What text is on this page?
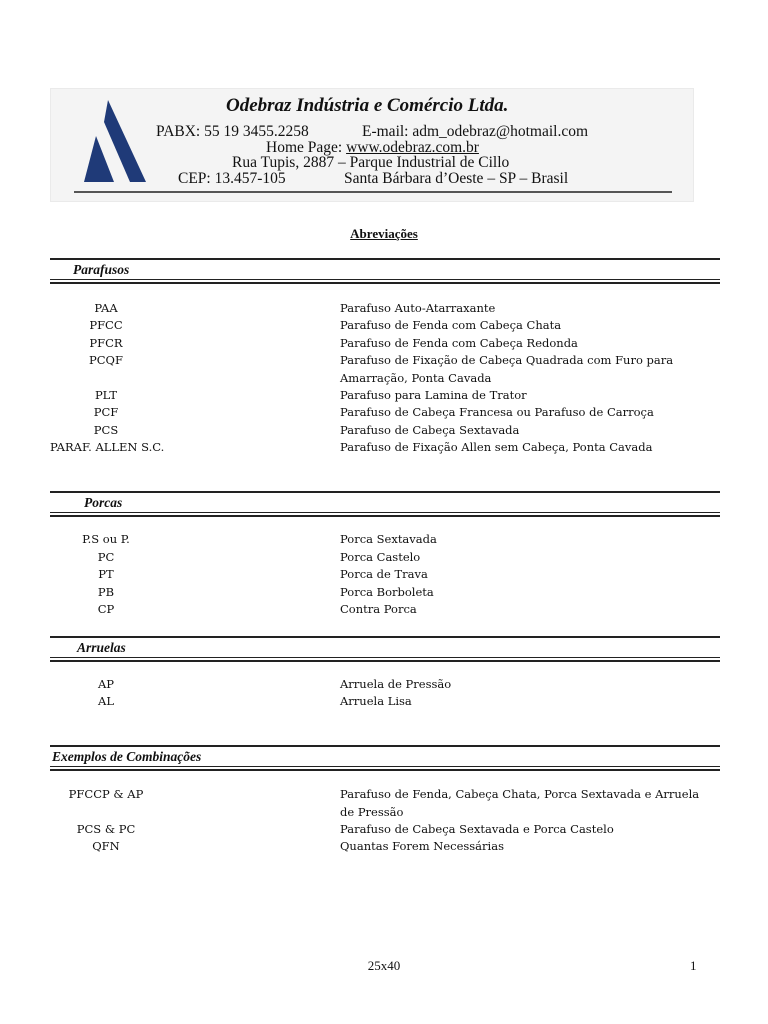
Odebraz Indústria e Comércio Ltda.
PABX: 55 19 3455.2258	E-mail: adm_odebraz@hotmail.com
Home Page: www.odebraz.com.br
Rua Tupis, 2887 – Parque Industrial de Cillo
CEP: 13.457-105	Santa Bárbara d’Oeste – SP – Brasil
Abreviações
Parafusos
PAA	Parafuso Auto-Atarraxante
PFCC	Parafuso de Fenda com Cabeça Chata
PFCR	Parafuso de Fenda com Cabeça Redonda
PCQF	Parafuso de Fixação de Cabeça Quadrada com Furo para
Amarração, Ponta Cavada
PLT	Parafuso para Lamina de Trator
PCF	Parafuso de Cabeça Francesa ou Parafuso de Carroça
PCS	Parafuso de Cabeça Sextavada
PARAF. ALLEN S.C.	Parafuso de Fixação Allen sem Cabeça, Ponta Cavada
Porcas
P.S ou P.	Porca Sextavada
PC	Porca Castelo
PT	Porca de Trava
PB	Porca Borboleta
CP	Contra Porca
Arruelas
AP	Arruela de Pressão
AL	Arruela Lisa
Exemplos de Combinações
PFCCP & AP	Parafuso de Fenda, Cabeça Chata, Porca Sextavada e Arruela
de Pressão
PCS & PC	Parafuso de Cabeça Sextavada e Porca Castelo
QFN	Quantas Forem Necessárias
25x40	1
